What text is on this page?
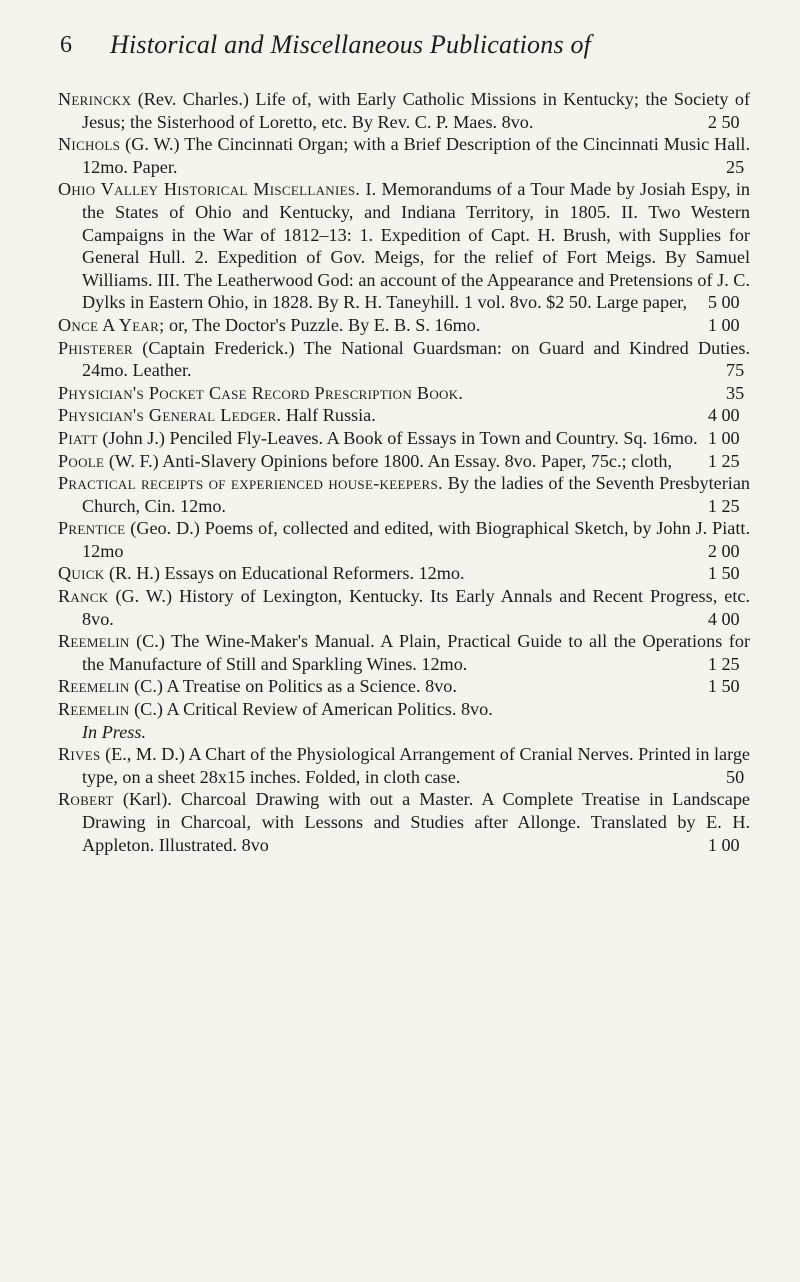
6 Historical and Miscellaneous Publications of

Nerinckx (Rev. Charles.) Life of, with Early Catholic Missions in Kentucky; the Society of Jesus; the Sisterhood of Loretto, etc. By Rev. C. P. Maes. 8vo.	2 50

Nichols (G. W.) The Cincinnati Organ; with a Brief Description of the Cincinnati Music Hall. 12mo. Paper.	25

Ohio Valley Historical Miscellanies. I. Memorandums of a Tour Made by Josiah Espy, in the States of Ohio and Kentucky, and Indiana Territory, in 1805. II. Two Western Campaigns in the War of 1812–13: 1. Expedition of Capt. H. Brush, with Supplies for General Hull. 2. Expedition of Gov. Meigs, for the relief of Fort Meigs. By Samuel Williams. III. The Leatherwood God: an account of the Appearance and Pretensions of J. C. Dylks in Eastern Ohio, in 1828. By R. H. Taneyhill. 1 vol. 8vo. $2 50. Large paper, 5 00

Once A Year; or, The Doctor's Puzzle. By E. B. S. 16mo.	1 00

Phisterer (Captain Frederick.) The National Guardsman: on Guard and Kindred Duties. 24mo. Leather.	75

Physician's Pocket Case Record Prescription Book.	35

Physician's General Ledger. Half Russia.	4 00

Piatt (John J.) Penciled Fly-Leaves. A Book of Essays in Town and Country. Sq. 16mo. 1 00

Poole (W. F.) Anti-Slavery Opinions before 1800. An Essay. 8vo. Paper, 75c.; cloth, 1 25

Practical receipts of experienced house-keepers. By the ladies of the Seventh Presbyterian Church, Cin. 12mo.	1 25

Prentice (Geo. D.) Poems of, collected and edited, with Biographical Sketch, by John J. Piatt. 12mo	2 00

Quick (R. H.) Essays on Educational Reformers. 12mo.	1 50

Ranck (G. W.) History of Lexington, Kentucky. Its Early Annals and Recent Progress, etc. 8vo.	4 00

Reemelin (C.) The Wine-Maker's Manual. A Plain, Practical Guide to all the Operations for the Manufacture of Still and Sparkling Wines. 12mo.	1 25

Reemelin (C.) A Treatise on Politics as a Science. 8vo.	1 50

Reemelin (C.) A Critical Review of American Politics. 8vo.
In Press.

Rives (E., M. D.) A Chart of the Physiological Arrangement of Cranial Nerves. Printed in large type, on a sheet 28x15 inches. Folded, in cloth case.	50

Robert (Karl). Charcoal Drawing with out a Master. A Complete Treatise in Landscape Drawing in Charcoal, with Lessons and Studies after Allonge. Translated by E. H. Appleton. Illustrated. 8vo	1 00
